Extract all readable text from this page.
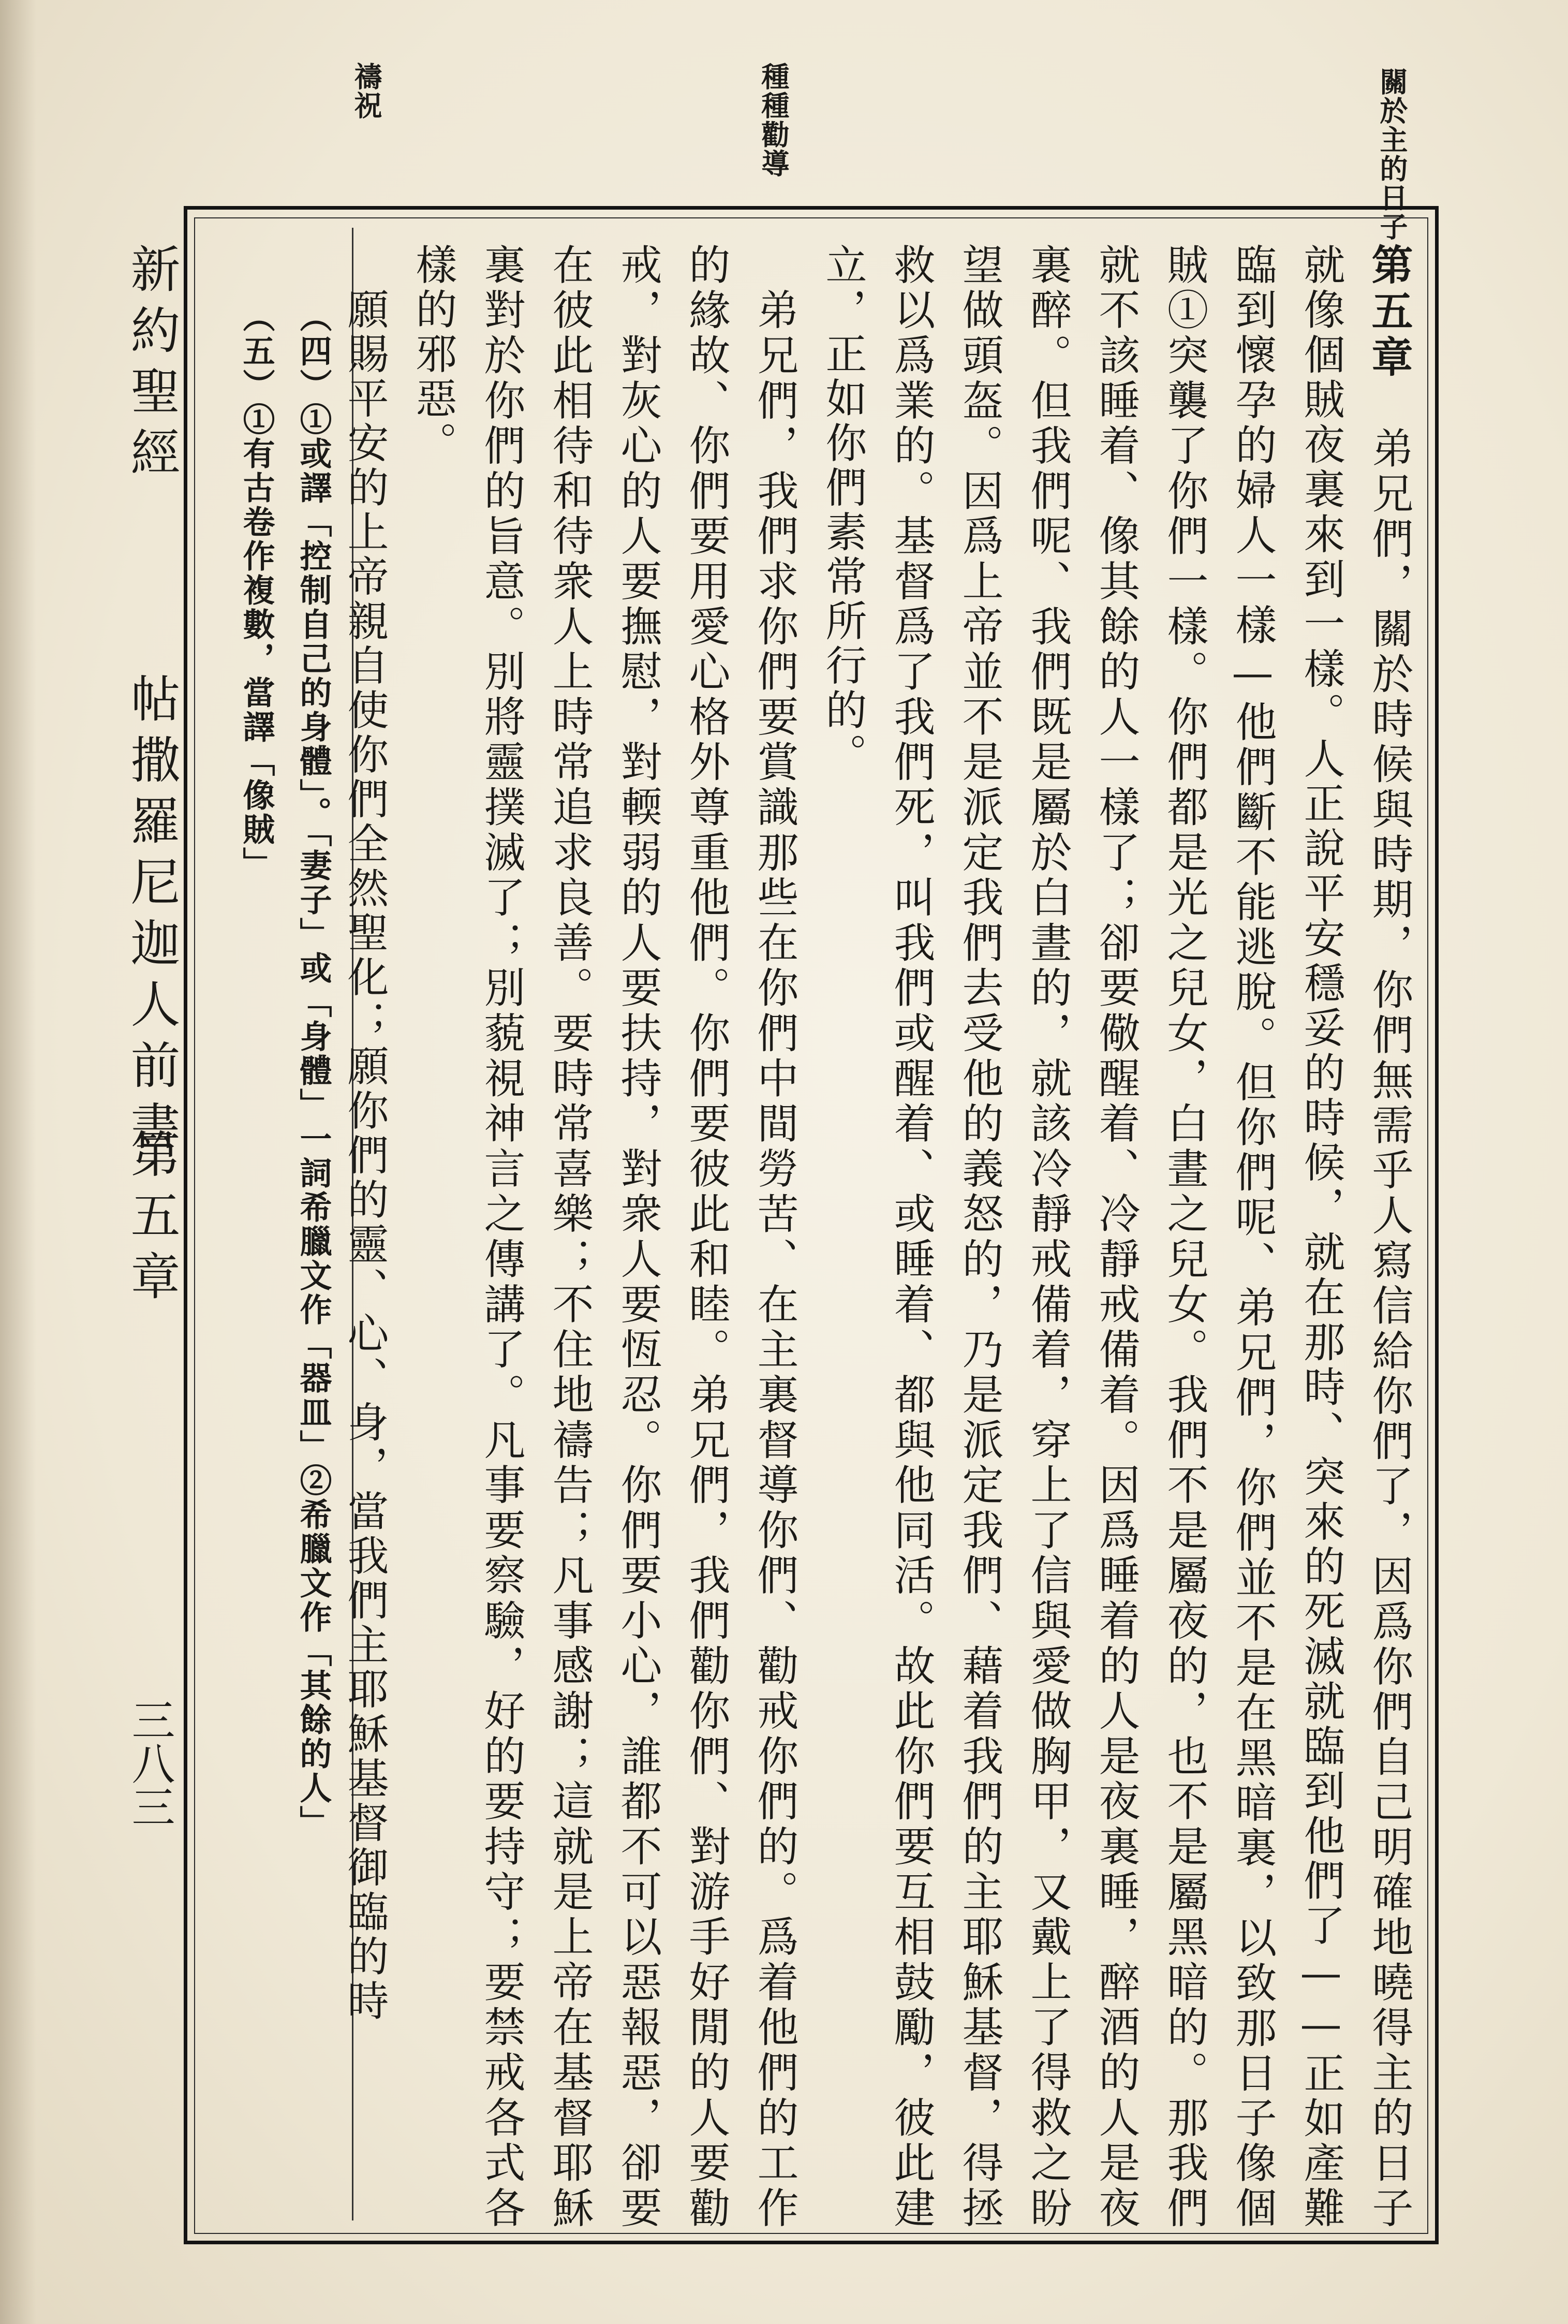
關於主的日子
種種勸導
禱祝
新約聖經
帖撒羅尼迦人前書
第五章
三八三

第五章　弟兄們，關於時候與時期，你們無需乎人寫信給你們了，因爲你們自己明確地曉得主的日子就像個賊夜裏來到一樣。人正說平安穩妥的時候，就在那時、突來的死滅就臨到他們了——正如產難臨到懷孕的婦人一樣—他們斷不能逃脫。但你們呢、弟兄們，你們並不是在黑暗裏，以致那日子像個賊①突襲了你們一樣。你們都是光之兒女，白晝之兒女。我們不是屬夜的，也不是屬黑暗的。那我們就不該睡着、像其餘的人一樣了；卻要儆醒着、冷靜戒備着。因爲睡着的人是夜裏睡，醉酒的人是夜裏醉。但我們呢、我們既是屬於白晝的，就該冷靜戒備着，穿上了信與愛做胸甲，又戴上了得救之盼望做頭盔。因爲上帝並不是派定我們去受他的義怒的，乃是派定我們、藉着我們的主耶穌基督，得拯救以爲業的。基督爲了我們死，叫我們或醒着、或睡着、都與他同活。故此你們要互相鼓勵，彼此建立，正如你們素常所行的。

　弟兄們，我們求你們要賞識那些在你們中間勞苦、在主裏督導你們、勸戒你們的。爲着他們的工作的緣故、你們要用愛心格外尊重他們。你們要彼此和睦。弟兄們，我們勸你們、對游手好閒的人要勸戒，對灰心的人要撫慰，對輭弱的人要扶持，對衆人要恆忍。你們要小心，誰都不可以惡報惡，卻要在彼此相待和待衆人上時常追求良善。要時常喜樂；不住地禱告；凡事感謝；這就是上帝在基督耶穌裏對於你們的旨意。別將靈撲滅了；別藐視神言之傳講了。凡事要察驗，好的要持守；要禁戒各式各樣的邪惡。

　願賜平安的上帝親自使你們全然聖化；願你們的靈、心、身，當我們主耶穌基督御臨的時

（四）①或譯「控制自己的身體」。「妻子」或「身體」一詞希臘文作「器皿」②希臘文作「其餘的人」

（五）①有古卷作複數，當譯「像賊」
